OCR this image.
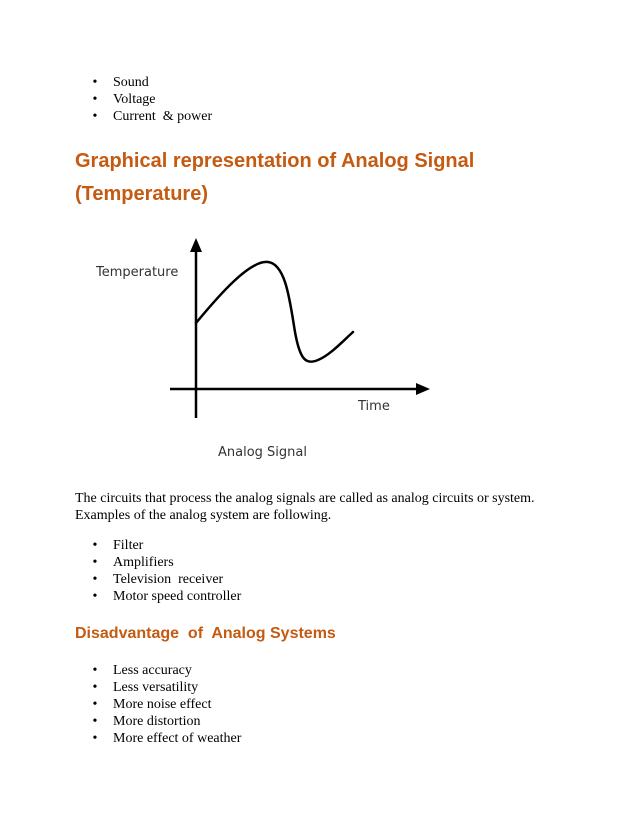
• Sound
• Voltage
• Current  & power
Graphical representation of Analog Signal (Temperature)
Temperature
Time
Analog Signal

The circuits that process the analog signals are called as analog circuits or system. Examples of the analog system are following.

• Filter
• Amplifiers
• Television  receiver
• Motor speed controller
Disadvantage  of  Analog Systems
• Less accuracy
• Less versatility
• More noise effect
• More distortion
• More effect of weather
